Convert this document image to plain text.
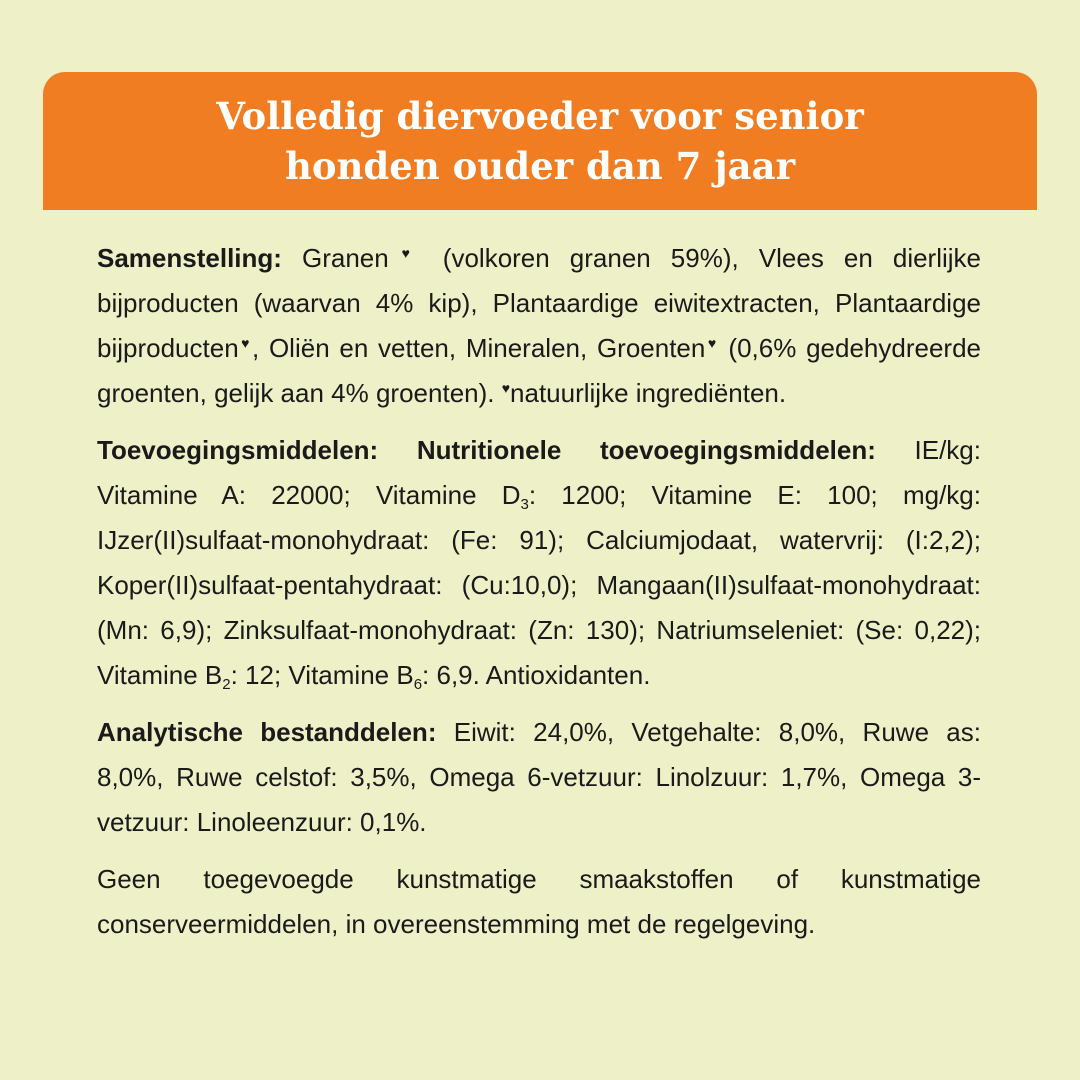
Volledig diervoeder voor senior
honden ouder dan 7 jaar

Samenstelling: Granen♥ (volkoren granen 59%), Vlees en dierlijke bijproducten (waarvan 4% kip), Plantaardige eiwitextracten, Plantaardige bijproducten♥, Oliën en vetten, Mineralen, Groenten♥ (0,6% gedehydreerde groenten, gelijk aan 4% groenten). ♥natuurlijke ingrediënten.

Toevoegingsmiddelen: Nutritionele toevoegingsmiddelen: IE/kg: Vitamine A: 22000; Vitamine $D_3$: 1200; Vitamine E: 100; mg/kg: IJzer(II)sulfaat-monohydraat: (Fe: 91); Calciumjodaat, watervrij: (I:2,2); Koper(II)sulfaat-pentahydraat: (Cu:10,0); Mangaan(II)sulfaat-monohydraat: (Mn: 6,9); Zinksulfaat-monohydraat: (Zn: 130); Natriumseleniet: (Se: 0,22); Vitamine $B_2$: 12; Vitamine $B_6$: 6,9. Antioxidanten.

Analytische bestanddelen: Eiwit: 24,0%, Vetgehalte: 8,0%, Ruwe as: 8,0%, Ruwe celstof: 3,5%, Omega 6-vetzuur: Linolzuur: 1,7%, Omega 3-vetzuur: Linoleenzuur: 0,1%.

Geen toegevoegde kunstmatige smaakstoffen of kunstmatige conserveermiddelen, in overeenstemming met de regelgeving.
